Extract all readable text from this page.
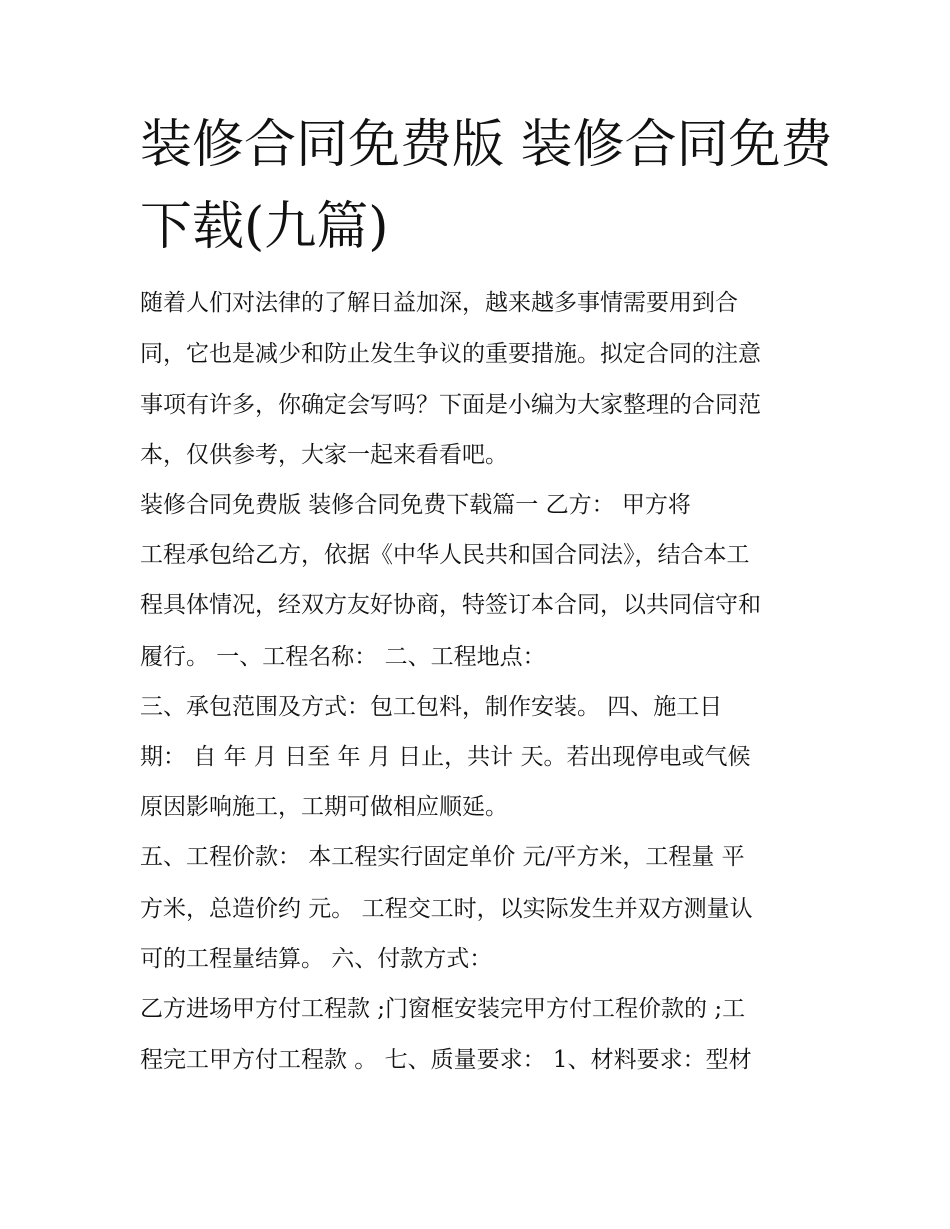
装修合同免费版 装修合同免费
下载(九篇)

随着人们对法律的了解日益加深，越来越多事情需要用到合

同，它也是减少和防止发生争议的重要措施。拟定合同的注意

事项有许多，你确定会写吗？下面是小编为大家整理的合同范

本，仅供参考，大家一起来看看吧。

装修合同免费版 装修合同免费下载篇一 乙方： 甲方将

工程承包给乙方，依据《中华人民共和国合同法》，结合本工

程具体情况，经双方友好协商，特签订本合同，以共同信守和

履行。 一、工程名称： 二、工程地点：

三、承包范围及方式：包工包料，制作安装。 四、施工日

期： 自 年 月 日至 年 月 日止，共计 天。若出现停电或气候

原因影响施工，工期可做相应顺延。

五、工程价款： 本工程实行固定单价 元/平方米，工程量 平

方米，总造价约 元。 工程交工时，以实际发生并双方测量认

可的工程量结算。 六、付款方式：

乙方进场甲方付工程款 ;门窗框安装完甲方付工程价款的 ;工

程完工甲方付工程款 。 七、质量要求： 1、材料要求：型材
